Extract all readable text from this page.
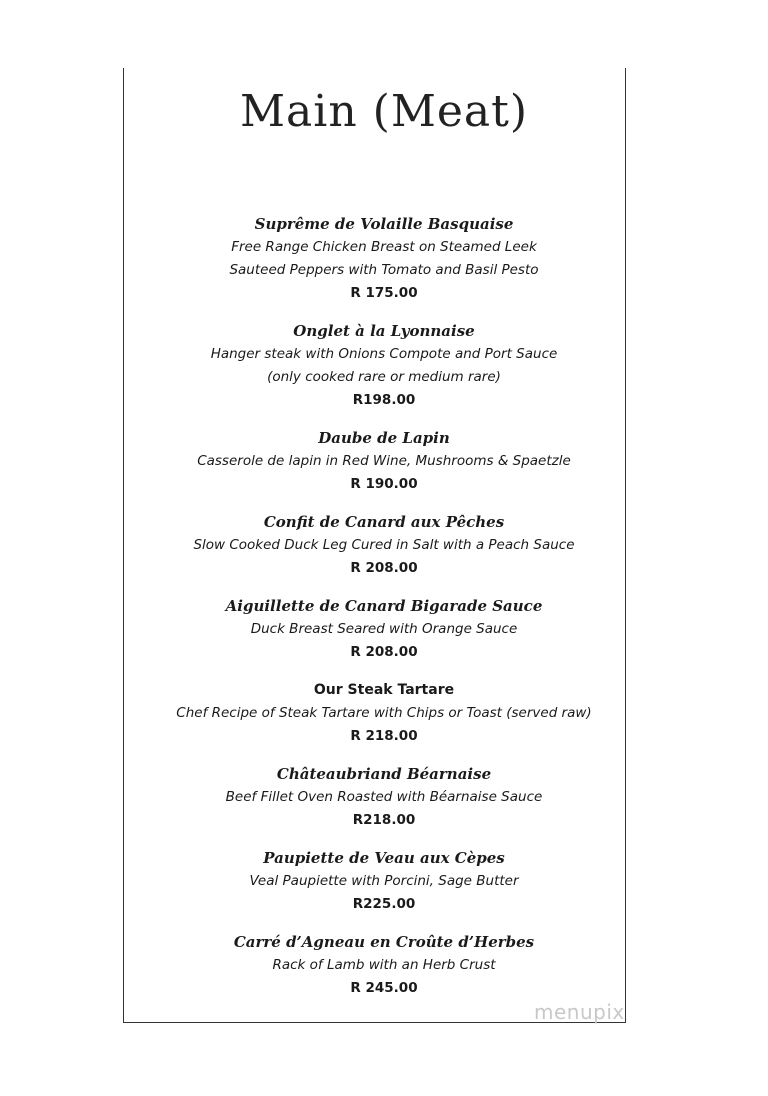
Main (Meat)
Suprême de Volaille Basquaise
Free Range Chicken Breast on Steamed Leek
Sauteed Peppers with Tomato and Basil Pesto
R 175.00
Onglet à la Lyonnaise
Hanger steak with Onions Compote and Port Sauce
(only cooked rare or medium rare)
R198.00
Daube de Lapin
Casserole de lapin in Red Wine, Mushrooms & Spaetzle
R 190.00
Confit de Canard aux Pêches
Slow Cooked Duck Leg Cured in Salt with a Peach Sauce
R 208.00
Aiguillette de Canard Bigarade Sauce
Duck Breast Seared with Orange Sauce
R 208.00
Our Steak Tartare
Chef Recipe of Steak Tartare with Chips or Toast (served raw)
R 218.00
Châteaubriand Béarnaise
Beef Fillet Oven Roasted with Béarnaise Sauce
R218.00
Paupiette de Veau aux Cèpes
Veal Paupiette with Porcini, Sage Butter
R225.00
Carré d’Agneau en Croûte d’Herbes
Rack of Lamb with an Herb Crust
R 245.00
menupix
